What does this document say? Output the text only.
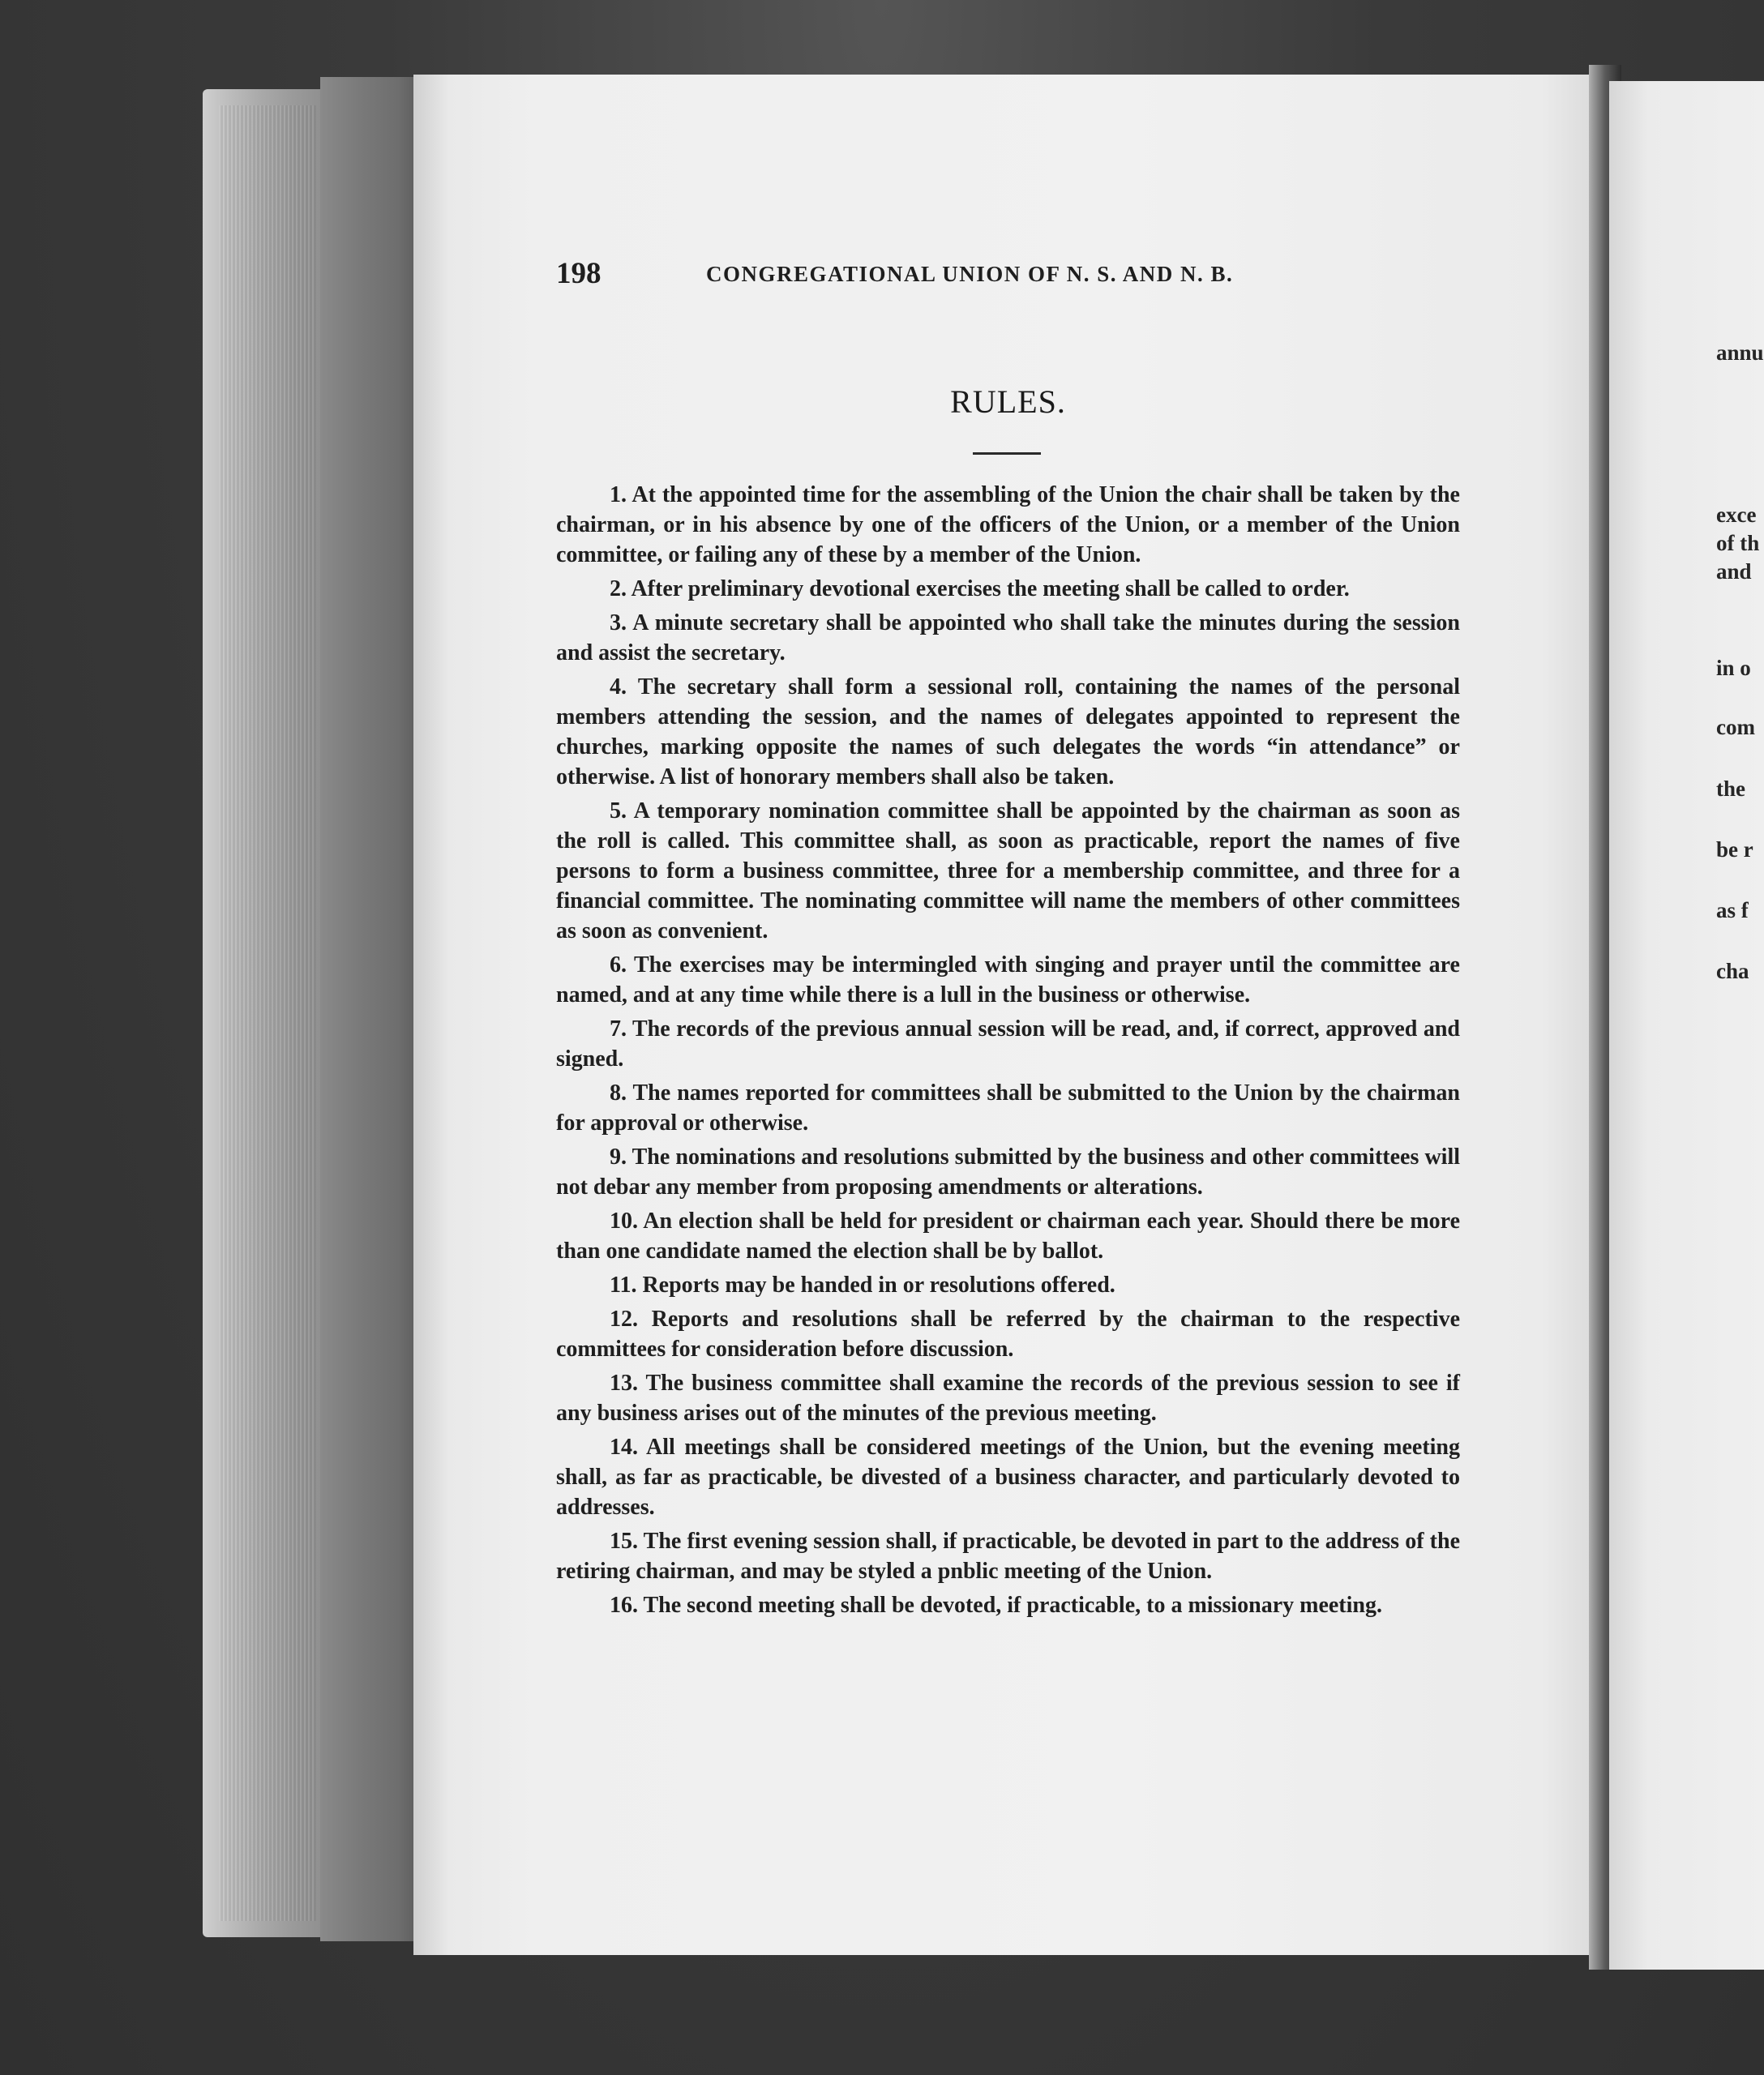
198	CONGREGATIONAL UNION OF N. S. AND N. B.
RULES.

1. At the appointed time for the assembling of the Union the chair shall be taken by the chairman, or in his absence by one of the officers of the Union, or a member of the Union committee, or failing any of these by a member of the Union.

2. After preliminary devotional exercises the meeting shall be called to order.

3. A minute secretary shall be appointed who shall take the minutes during the session and assist the secretary.

4. The secretary shall form a sessional roll, containing the names of the personal members attending the session, and the names of delegates appointed to represent the churches, marking opposite the names of such delegates the words “in attendance” or otherwise. A list of honorary members shall also be taken.

5. A temporary nomination committee shall be appointed by the chairman as soon as the roll is called. This committee shall, as soon as practicable, report the names of five persons to form a business committee, three for a membership committee, and three for a financial committee. The nominating committee will name the members of other committees as soon as convenient.

6. The exercises may be intermingled with singing and prayer until the committee are named, and at any time while there is a lull in the business or otherwise.

7. The records of the previous annual session will be read, and, if correct, approved and signed.

8. The names reported for committees shall be submitted to the Union by the chairman for approval or otherwise.

9. The nominations and resolutions submitted by the business and other committees will not debar any member from proposing amendments or alterations.

10. An election shall be held for president or chairman each year. Should there be more than one candidate named the election shall be by ballot.

11. Reports may be handed in or resolutions offered.

12. Reports and resolutions shall be referred by the chairman to the respective committees for consideration before discussion.

13. The business committee shall examine the records of the previous session to see if any business arises out of the minutes of the previous meeting.

14. All meetings shall be considered meetings of the Union, but the evening meeting shall, as far as practicable, be divested of a business character, and particularly devoted to addresses.

15. The first evening session shall, if practicable, be devoted in part to the address of the retiring chairman, and may be styled a pnblic meeting of the Union.

16. The second meeting shall be devoted, if practicable, to a missionary meeting.

annu
exce
of th
and
in o
com
the
be r
as f
cha
